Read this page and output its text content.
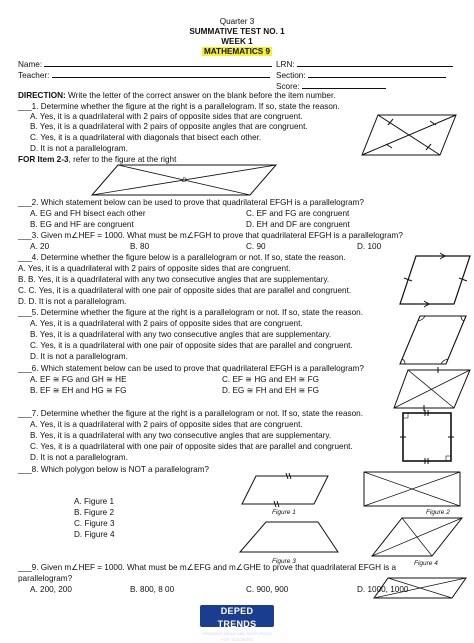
Quarter 3
SUMMATIVE TEST NO. 1
WEEK 1
MATHEMATICS 9
Name:	LRN:
Teacher:	Section:
Score:
DIRECTION: Write the letter of the correct answer on the blank before the item number.
___1. Determine whether the figure at the right is a parallelogram. If so, state the reason.
A. Yes, it is a quadrilateral with 2 pairs of opposite sides that are congruent.
B. Yes, it is a quadrilateral with 2 pairs of opposite angles that are congruent.
C. Yes, it is a quadrilateral with diagonals that bisect each other.
D. It is not a parallelogram.
FOR Item 2-3, refer to the figure at the right
D
___2. Which statement below can be used to prove that quadrilateral EFGH is a parallelogram?
A. EG and FH bisect each other	C. EF and FG are congruent
B. EG and HF are congruent	D. EH and DF are congruent
___3. Given m∠HEF = 1000. What must be m∠FGH to prove that quadrilateral EFGH is a parallelogram?
A. 20	B. 80	C. 90	D. 100
___4. Determine whether the figure below is a parallelogram or not. If so, state the reason.
A. Yes, it is a quadrilateral with 2 pairs of opposite sides that are congruent.
B. B. Yes, it is a quadrilateral with any two consecutive angles that are supplementary.
C. C. Yes, it is a quadrilateral with one pair of opposite sides that are parallel and congruent.
D. D. It is not a parallelogram.
___5. Determine whether the figure at the right is a parallelogram or not. If so, state the reason.
A. Yes, it is a quadrilateral with 2 pairs of opposite sides that are congruent.
B. Yes, it is a quadrilateral with any two consecutive angles that are supplementary.
C. Yes, it is a quadrilateral with one pair of opposite sides that are parallel and congruent.
D. It is not a parallelogram.
___6. Which statement below can be used to prove that quadrilateral EFGH is a parallelogram?
A. EF ≅ FG and GH ≅ HE	C. EF ≅ HG and EH ≅ FG
B. EF ≅ EH and HG ≅ FG	D. EG ≅ FH and EH ≅ FG
___7. Determine whether the figure at the right is a parallelogram or not. If so, state the reason.
A. Yes, it is a quadrilateral with 2 pairs of opposite sides that are congruent.
B. Yes, it is a quadrilateral with any two consecutive angles that are supplementary.
C. Yes, it is a quadrilateral with one pair of opposite sides that are parallel and congruent.
D. It is not a parallelogram.
___8. Which polygon below is NOT a parallelogram?
A. Figure 1
B. Figure 2
C. Figure 3
D. Figure 4
Figure 1	Figure 2
Figure 3	Figure 4
___9. Given m∠HEF = 1000. What must be m∠EFG and m∠GHE to prove that quadrilateral EFGH is a
parallelogram?
A. 200, 200	B. 800, 8 00	C. 900, 900	D. 1000, 1000
DEPED TRENDS
TRENDING NEWS AND RESOURCES FOR TEACHERS
